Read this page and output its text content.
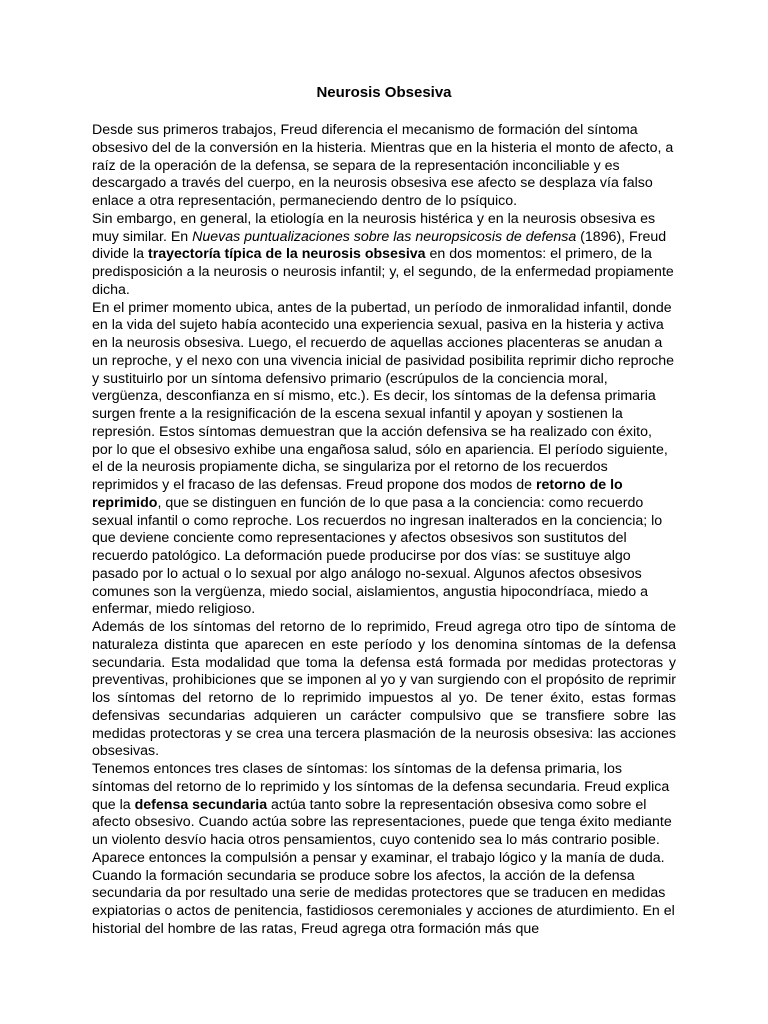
Neurosis Obsesiva
Desde sus primeros trabajos, Freud diferencia el mecanismo de formación del síntoma
obsesivo del de la conversión en la histeria. Mientras que en la histeria el monto de afecto, a
raíz de la operación de la defensa, se separa de la representación inconciliable y es
descargado a través del cuerpo, en la neurosis obsesiva ese afecto se desplaza vía falso
enlace a otra representación, permaneciendo dentro de lo psíquico.
Sin embargo, en general, la etiología en la neurosis histérica y en la neurosis obsesiva es
muy similar. En Nuevas puntualizaciones sobre las neuropsicosis de defensa (1896), Freud
divide la trayectoría típica de la neurosis obsesiva en dos momentos: el primero, de la
predisposición a la neurosis o neurosis infantil; y, el segundo, de la enfermedad propiamente
dicha.
En el primer momento ubica, antes de la pubertad, un período de inmoralidad infantil, donde
en la vida del sujeto había acontecido una experiencia sexual, pasiva en la histeria y activa
en la neurosis obsesiva. Luego, el recuerdo de aquellas acciones placenteras se anudan a
un reproche, y el nexo con una vivencia inicial de pasividad posibilita reprimir dicho reproche
y sustituirlo por un síntoma defensivo primario (escrúpulos de la conciencia moral,
vergüenza, desconfianza en sí mismo, etc.). Es decir, los síntomas de la defensa primaria
surgen frente a la resignificación de la escena sexual infantil y apoyan y sostienen la
represión. Estos síntomas demuestran que la acción defensiva se ha realizado con éxito,
por lo que el obsesivo exhibe una engañosa salud, sólo en apariencia. El período siguiente,
el de la neurosis propiamente dicha, se singulariza por el retorno de los recuerdos
reprimidos y el fracaso de las defensas. Freud propone dos modos de retorno de lo
reprimido, que se distinguen en función de lo que pasa a la conciencia: como recuerdo
sexual infantil o como reproche. Los recuerdos no ingresan inalterados en la conciencia; lo
que deviene conciente como representaciones y afectos obsesivos son sustitutos del
recuerdo patológico. La deformación puede producirse por dos vías: se sustituye algo
pasado por lo actual o lo sexual por algo análogo no-sexual. Algunos afectos obsesivos
comunes son la vergüenza, miedo social, aislamientos, angustia hipocondríaca, miedo a
enfermar, miedo religioso.
Además de los síntomas del retorno de lo reprimido, Freud agrega otro tipo de síntoma de
naturaleza distinta que aparecen en este período y los denomina síntomas de la defensa
secundaria. Esta modalidad que toma la defensa está formada por medidas protectoras y
preventivas, prohibiciones que se imponen al yo y van surgiendo con el propósito de reprimir
los síntomas del retorno de lo reprimido impuestos al yo. De tener éxito, estas formas
defensivas secundarias adquieren un carácter compulsivo que se transfiere sobre las
medidas protectoras y se crea una tercera plasmación de la neurosis obsesiva: las acciones
obsesivas.
Tenemos entonces tres clases de síntomas: los síntomas de la defensa primaria, los
síntomas del retorno de lo reprimido y los síntomas de la defensa secundaria. Freud explica
que la defensa secundaria actúa tanto sobre la representación obsesiva como sobre el
afecto obsesivo. Cuando actúa sobre las representaciones, puede que tenga éxito mediante
un violento desvío hacia otros pensamientos, cuyo contenido sea lo más contrario posible.
Aparece entonces la compulsión a pensar y examinar, el trabajo lógico y la manía de duda.
Cuando la formación secundaria se produce sobre los afectos, la acción de la defensa
secundaria da por resultado una serie de medidas protectores que se traducen en medidas
expiatorias o actos de penitencia, fastidiosos ceremoniales y acciones de aturdimiento. En el
historial del hombre de las ratas, Freud agrega otra formación más que
